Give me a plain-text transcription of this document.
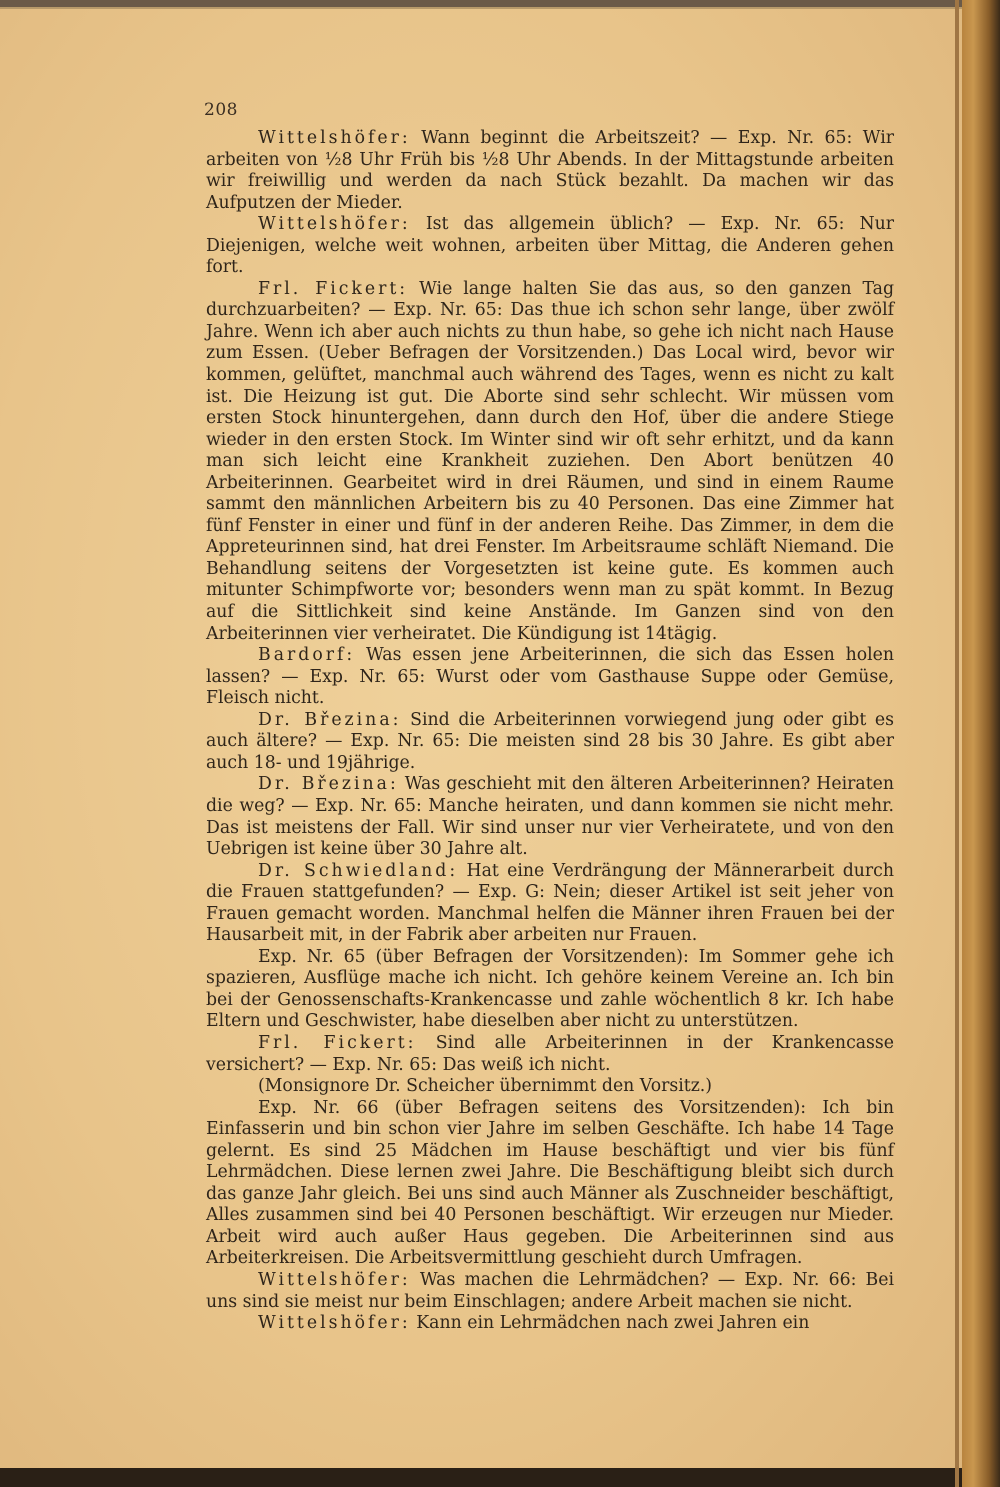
208

Wittelshöfer: Wann beginnt die Arbeitszeit? — Exp. Nr. 65: Wir arbeiten von ½8 Uhr Früh bis ½8 Uhr Abends. In der Mittagstunde arbeiten wir freiwillig und werden da nach Stück bezahlt. Da machen wir das Aufputzen der Mieder.

Wittelshöfer: Ist das allgemein üblich? — Exp. Nr. 65: Nur Diejenigen, welche weit wohnen, arbeiten über Mittag, die Anderen gehen fort.

Frl. Fickert: Wie lange halten Sie das aus, so den ganzen Tag durchzuarbeiten? — Exp. Nr. 65: Das thue ich schon sehr lange, über zwölf Jahre. Wenn ich aber auch nichts zu thun habe, so gehe ich nicht nach Hause zum Essen. (Ueber Befragen der Vorsitzenden.) Das Local wird, bevor wir kommen, gelüftet, manchmal auch während des Tages, wenn es nicht zu kalt ist. Die Heizung ist gut. Die Aborte sind sehr schlecht. Wir müssen vom ersten Stock hinuntergehen, dann durch den Hof, über die andere Stiege wieder in den ersten Stock. Im Winter sind wir oft sehr erhitzt, und da kann man sich leicht eine Krankheit zuziehen. Den Abort benützen 40 Arbeiterinnen. Gearbeitet wird in drei Räumen, und sind in einem Raume sammt den männlichen Arbeitern bis zu 40 Personen. Das eine Zimmer hat fünf Fenster in einer und fünf in der anderen Reihe. Das Zimmer, in dem die Appreteurinnen sind, hat drei Fenster. Im Arbeitsraume schläft Niemand. Die Behandlung seitens der Vorgesetzten ist keine gute. Es kommen auch mitunter Schimpfworte vor; besonders wenn man zu spät kommt. In Bezug auf die Sittlichkeit sind keine Anstände. Im Ganzen sind von den Arbeiterinnen vier verheiratet. Die Kündigung ist 14tägig.

Bardorf: Was essen jene Arbeiterinnen, die sich das Essen holen lassen? — Exp. Nr. 65: Wurst oder vom Gasthause Suppe oder Gemüse, Fleisch nicht.

Dr. Březina: Sind die Arbeiterinnen vorwiegend jung oder gibt es auch ältere? — Exp. Nr. 65: Die meisten sind 28 bis 30 Jahre. Es gibt aber auch 18- und 19jährige.

Dr. Březina: Was geschieht mit den älteren Arbeiterinnen? Heiraten die weg? — Exp. Nr. 65: Manche heiraten, und dann kommen sie nicht mehr. Das ist meistens der Fall. Wir sind unser nur vier Verheiratete, und von den Uebrigen ist keine über 30 Jahre alt.

Dr. Schwiedland: Hat eine Verdrängung der Männerarbeit durch die Frauen stattgefunden? — Exp. G: Nein; dieser Artikel ist seit jeher von Frauen gemacht worden. Manchmal helfen die Männer ihren Frauen bei der Hausarbeit mit, in der Fabrik aber arbeiten nur Frauen.

Exp. Nr. 65 (über Befragen der Vorsitzenden): Im Sommer gehe ich spazieren, Ausflüge mache ich nicht. Ich gehöre keinem Vereine an. Ich bin bei der Genossenschafts-Krankencasse und zahle wöchentlich 8 kr. Ich habe Eltern und Geschwister, habe dieselben aber nicht zu unterstützen.

Frl. Fickert: Sind alle Arbeiterinnen in der Krankencasse versichert? — Exp. Nr. 65: Das weiß ich nicht.

(Monsignore Dr. Scheicher übernimmt den Vorsitz.)

Exp. Nr. 66 (über Befragen seitens des Vorsitzenden): Ich bin Einfasserin und bin schon vier Jahre im selben Geschäfte. Ich habe 14 Tage gelernt. Es sind 25 Mädchen im Hause beschäftigt und vier bis fünf Lehrmädchen. Diese lernen zwei Jahre. Die Beschäftigung bleibt sich durch das ganze Jahr gleich. Bei uns sind auch Männer als Zuschneider beschäftigt, Alles zusammen sind bei 40 Personen beschäftigt. Wir erzeugen nur Mieder. Arbeit wird auch außer Haus gegeben. Die Arbeiterinnen sind aus Arbeiterkreisen. Die Arbeitsvermittlung geschieht durch Umfragen.

Wittelshöfer: Was machen die Lehrmädchen? — Exp. Nr. 66: Bei uns sind sie meist nur beim Einschlagen; andere Arbeit machen sie nicht.

Wittelshöfer: Kann ein Lehrmädchen nach zwei Jahren ein
